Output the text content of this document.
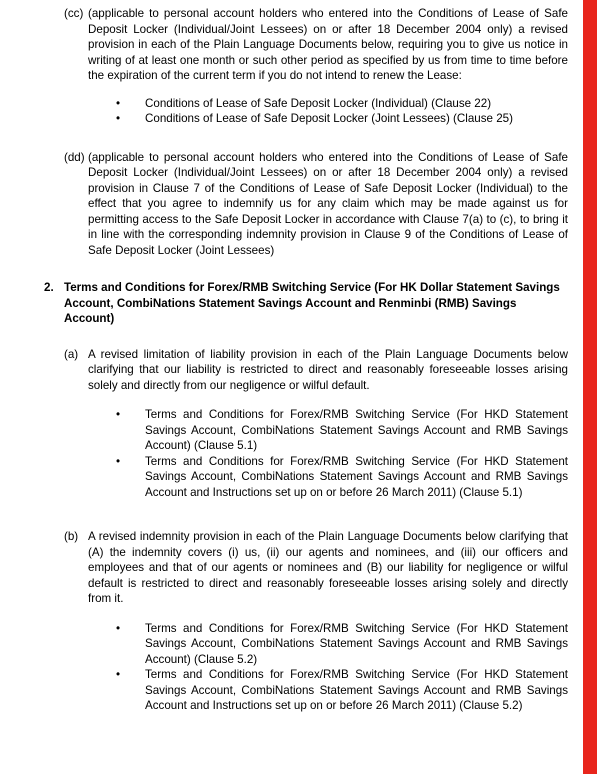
(cc) (applicable to personal account holders who entered into the Conditions of Lease of Safe Deposit Locker (Individual/Joint Lessees) on or after 18 December 2004 only) a revised provision in each of the Plain Language Documents below, requiring you to give us notice in writing of at least one month or such other period as specified by us from time to time before the expiration of the current term if you do not intend to renew the Lease:
•	Conditions of Lease of Safe Deposit Locker (Individual) (Clause 22)
•	Conditions of Lease of Safe Deposit Locker (Joint Lessees) (Clause 25)
(dd) (applicable to personal account holders who entered into the Conditions of Lease of Safe Deposit Locker (Individual/Joint Lessees) on or after 18 December 2004 only) a revised provision in Clause 7 of the Conditions of Lease of Safe Deposit Locker (Individual) to the effect that you agree to indemnify us for any claim which may be made against us for permitting access to the Safe Deposit Locker in accordance with Clause 7(a) to (c), to bring it in line with the corresponding indemnity provision in Clause 9 of the Conditions of Lease of Safe Deposit Locker (Joint Lessees)
2. Terms and Conditions for Forex/RMB Switching Service (For HK Dollar Statement Savings Account, CombiNations Statement Savings Account and Renminbi (RMB) Savings Account)
(a) A revised limitation of liability provision in each of the Plain Language Documents below clarifying that our liability is restricted to direct and reasonably foreseeable losses arising solely and directly from our negligence or wilful default.
•	Terms and Conditions for Forex/RMB Switching Service (For HKD Statement Savings Account, CombiNations Statement Savings Account and RMB Savings Account) (Clause 5.1)
•	Terms and Conditions for Forex/RMB Switching Service (For HKD Statement Savings Account, CombiNations Statement Savings Account and RMB Savings Account and Instructions set up on or before 26 March 2011) (Clause 5.1)
(b) A revised indemnity provision in each of the Plain Language Documents below clarifying that (A) the indemnity covers (i) us, (ii) our agents and nominees, and (iii) our officers and employees and that of our agents or nominees and (B) our liability for negligence or wilful default is restricted to direct and reasonably foreseeable losses arising solely and directly from it.
•	Terms and Conditions for Forex/RMB Switching Service (For HKD Statement Savings Account, CombiNations Statement Savings Account and RMB Savings Account) (Clause 5.2)
•	Terms and Conditions for Forex/RMB Switching Service (For HKD Statement Savings Account, CombiNations Statement Savings Account and RMB Savings Account and Instructions set up on or before 26 March 2011) (Clause 5.2)
